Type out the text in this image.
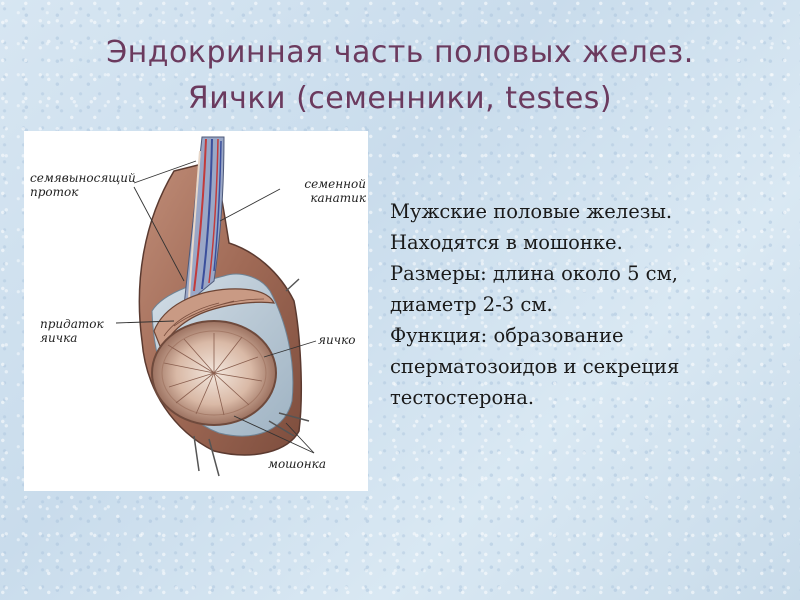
Эндокринная часть половых желез.
Яички (семенники, testes)
семявыносящий
проток
семенной
канатик
придаток
яичка	яичко
мошонка
Мужские половые железы.
Находятся в мошонке.
Размеры: длина около 5 см,
диаметр 2-3 см.
Функция: образование
сперматозоидов и секреция
тестостерона.
